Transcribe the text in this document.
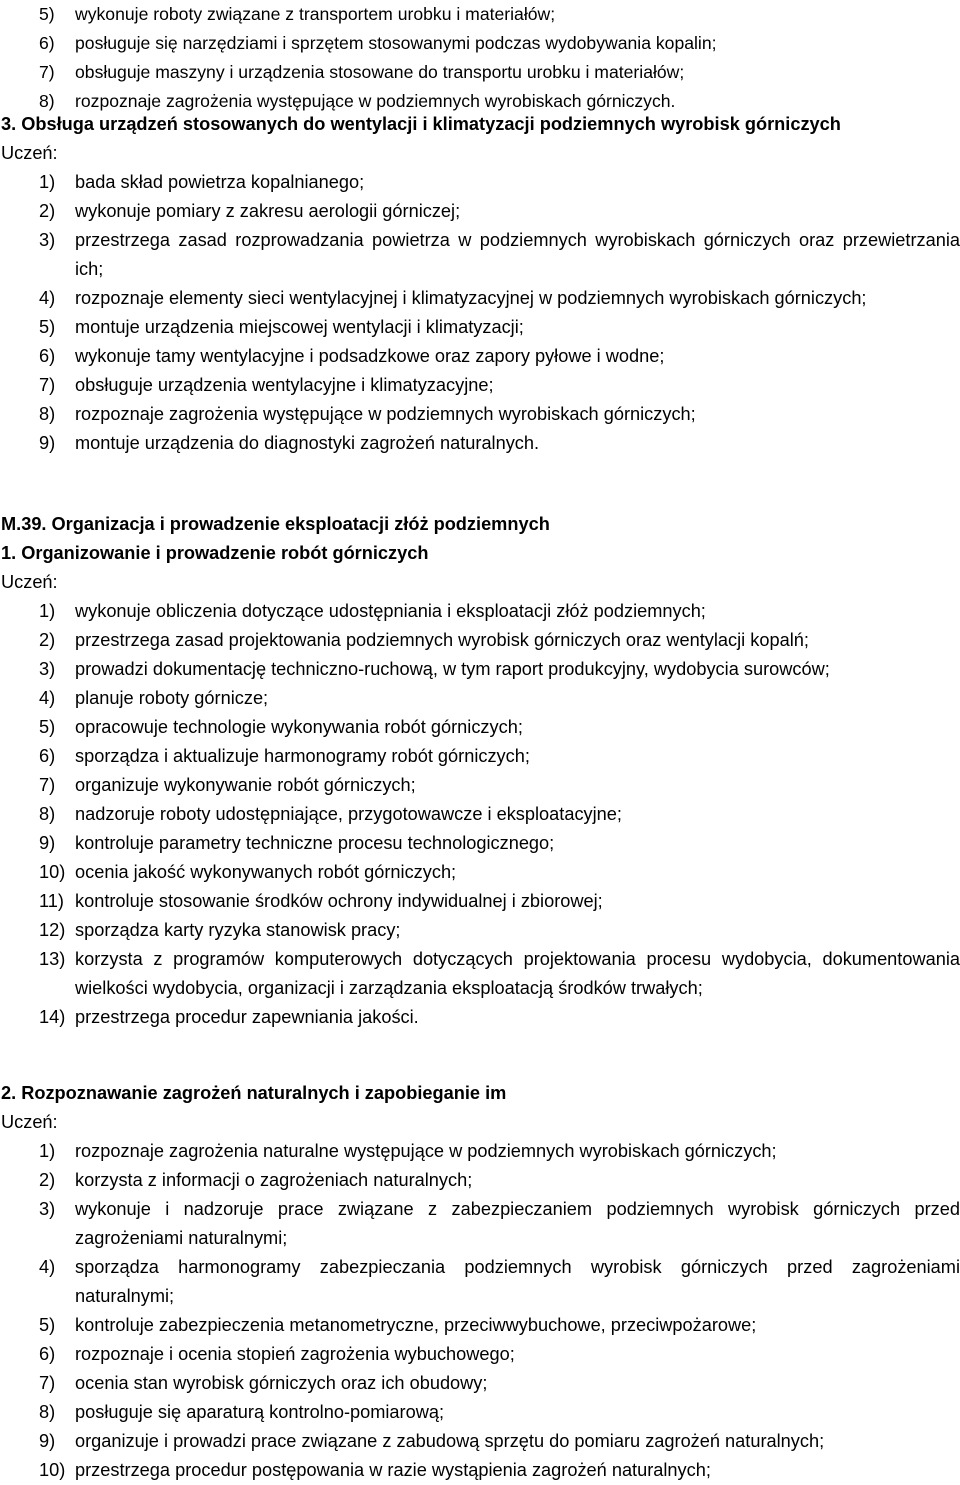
5) wykonuje roboty związane z transportem urobku i materiałów;
6) posługuje się narzędziami i sprzętem stosowanymi podczas wydobywania kopalin;
7) obsługuje maszyny i urządzenia stosowane do transportu urobku i materiałów;
8) rozpoznaje zagrożenia występujące w podziemnych wyrobiskach górniczych.
3. Obsługa urządzeń stosowanych do wentylacji i klimatyzacji podziemnych wyrobisk górniczych
Uczeń:
1) bada skład powietrza kopalnianego;
2) wykonuje pomiary z zakresu aerologii górniczej;
3) przestrzega zasad rozprowadzania powietrza w podziemnych wyrobiskach górniczych oraz przewietrzania ich;
4) rozpoznaje elementy sieci wentylacyjnej i klimatyzacyjnej w podziemnych wyrobiskach górniczych;
5) montuje urządzenia miejscowej wentylacji i klimatyzacji;
6) wykonuje tamy wentylacyjne i podsadzkowe oraz zapory pyłowe i wodne;
7) obsługuje urządzenia wentylacyjne i klimatyzacyjne;
8) rozpoznaje zagrożenia występujące w podziemnych wyrobiskach górniczych;
9) montuje urządzenia do diagnostyki zagrożeń naturalnych.
M.39. Organizacja i prowadzenie eksploatacji złóż podziemnych
1. Organizowanie i prowadzenie robót górniczych
Uczeń:
1) wykonuje obliczenia dotyczące udostępniania i eksploatacji złóż podziemnych;
2) przestrzega zasad projektowania podziemnych wyrobisk górniczych oraz wentylacji kopalń;
3) prowadzi dokumentację techniczno-ruchową, w tym raport produkcyjny, wydobycia surowców;
4) planuje roboty górnicze;
5) opracowuje technologie wykonywania robót górniczych;
6) sporządza i aktualizuje harmonogramy robót górniczych;
7) organizuje wykonywanie robót górniczych;
8) nadzoruje roboty udostępniające, przygotowawcze i eksploatacyjne;
9) kontroluje parametry techniczne procesu technologicznego;
10) ocenia jakość wykonywanych robót górniczych;
11) kontroluje stosowanie środków ochrony indywidualnej i zbiorowej;
12) sporządza karty ryzyka stanowisk pracy;
13) korzysta z programów komputerowych dotyczących projektowania procesu wydobycia, dokumentowania wielkości wydobycia, organizacji i zarządzania eksploatacją środków trwałych;
14) przestrzega procedur zapewniania jakości.
2. Rozpoznawanie zagrożeń naturalnych i zapobieganie im
Uczeń:
1) rozpoznaje zagrożenia naturalne występujące w podziemnych wyrobiskach górniczych;
2) korzysta z informacji o zagrożeniach naturalnych;
3) wykonuje i nadzoruje prace związane z zabezpieczaniem podziemnych wyrobisk górniczych przed zagrożeniami naturalnymi;
4) sporządza harmonogramy zabezpieczania podziemnych wyrobisk górniczych przed zagrożeniami naturalnymi;
5) kontroluje zabezpieczenia metanometryczne, przeciwwybuchowe, przeciwpożarowe;
6) rozpoznaje i ocenia stopień zagrożenia wybuchowego;
7) ocenia stan wyrobisk górniczych oraz ich obudowy;
8) posługuje się aparaturą kontrolno-pomiarową;
9) organizuje i prowadzi prace związane z zabudową sprzętu do pomiaru zagrożeń naturalnych;
10) przestrzega procedur postępowania w razie wystąpienia zagrożeń naturalnych;
